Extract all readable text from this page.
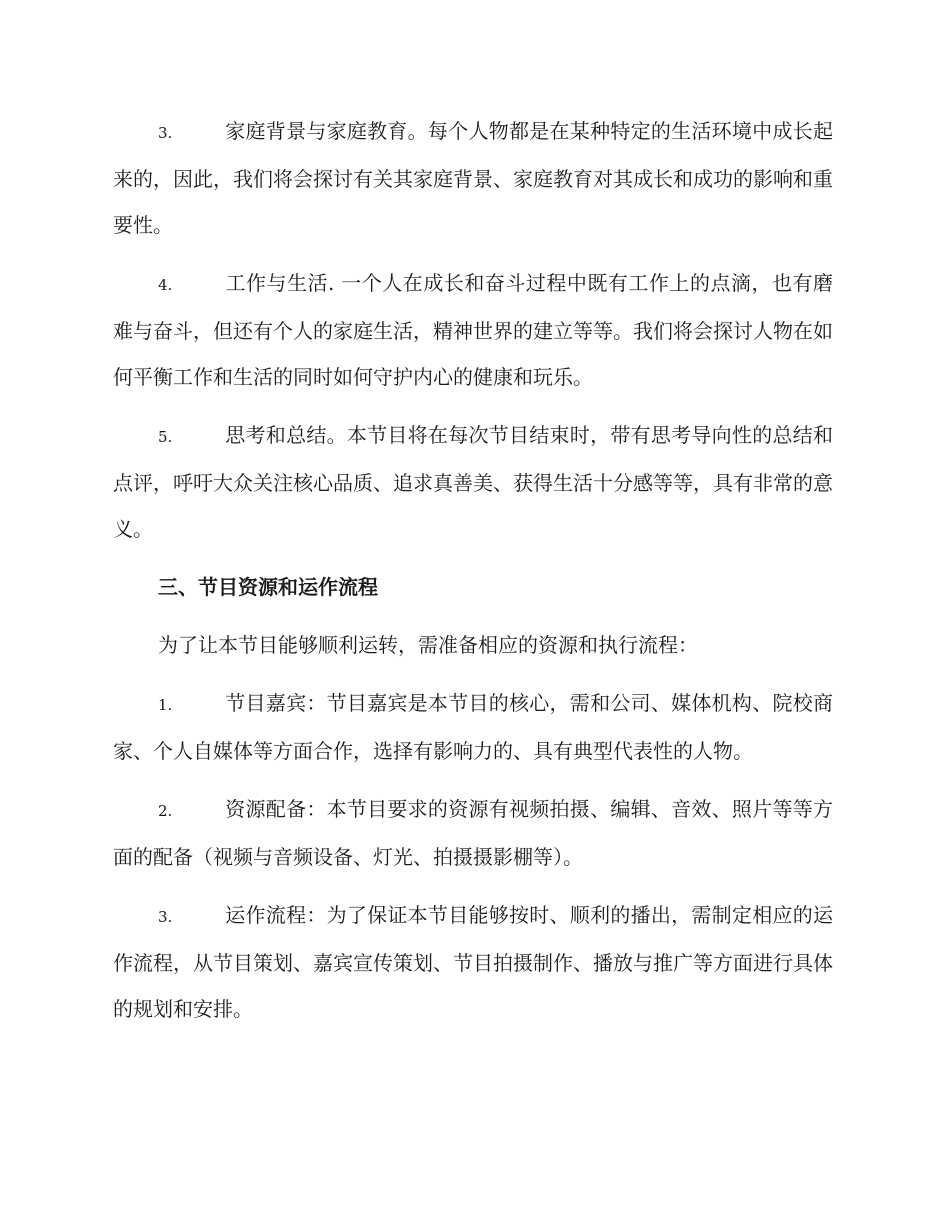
3.	家庭背景与家庭教育。每个人物都是在某种特定的生活环境中成长起来的，因此，我们将会探讨有关其家庭背景、家庭教育对其成长和成功的影响和重要性。

4.	工作与生活. 一个人在成长和奋斗过程中既有工作上的点滴，也有磨难与奋斗，但还有个人的家庭生活，精神世界的建立等等。我们将会探讨人物在如何平衡工作和生活的同时如何守护内心的健康和玩乐。

5.	思考和总结。本节目将在每次节目结束时，带有思考导向性的总结和点评，呼吁大众关注核心品质、追求真善美、获得生活十分感等等，具有非常的意义。

三、节目资源和运作流程

为了让本节目能够顺利运转，需准备相应的资源和执行流程：

1.	节目嘉宾：节目嘉宾是本节目的核心，需和公司、媒体机构、院校商家、个人自媒体等方面合作，选择有影响力的、具有典型代表性的人物。

2.	资源配备：本节目要求的资源有视频拍摄、编辑、音效、照片等等方面的配备（视频与音频设备、灯光、拍摄摄影棚等）。

3.	运作流程：为了保证本节目能够按时、顺利的播出，需制定相应的运作流程，从节目策划、嘉宾宣传策划、节目拍摄制作、播放与推广等方面进行具体的规划和安排。
